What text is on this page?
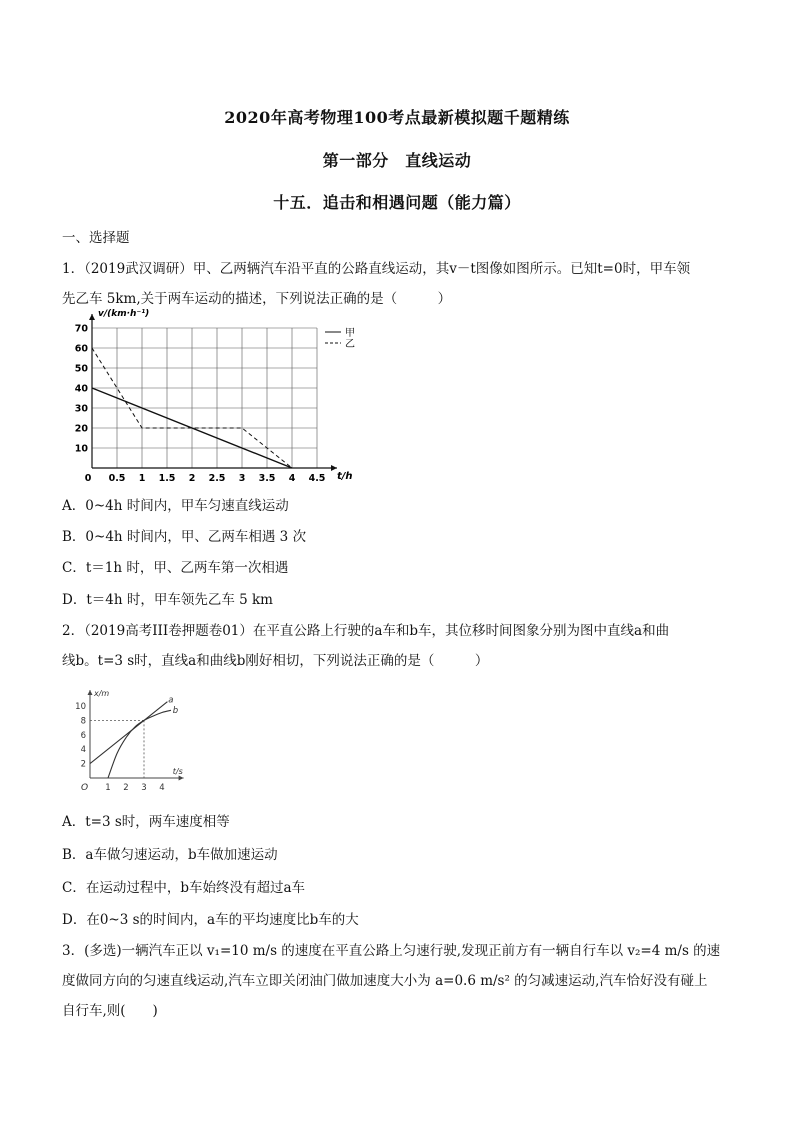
2020年高考物理100考点最新模拟题千题精练
第一部分　直线运动
十五．追击和相遇问题（能力篇）
一、选择题
1．（2019武汉调研）甲、乙两辆汽车沿平直的公路直线运动，其v－t图像如图所示。已知t=0时，甲车领
先乙车 5km,关于两车运动的描述，下列说法正确的是（　　　）
v/(km·h⁻¹)
t/h
0 0.5 1 1.5 2 2.5 3 3.5 4 4.5
10
20
30
40
50
60
70	甲
乙
A．0~4h 时间内，甲车匀速直线运动
B．0~4h 时间内，甲、乙两车相遇 3 次
C．t＝1h 时，甲、乙两车第一次相遇
D．t＝4h 时，甲车领先乙车 5 km
2．（2019高考III卷押题卷01）在平直公路上行驶的a车和b车，其位移时间图象分别为图中直线a和曲
线b。t=3 s时，直线a和曲线b刚好相切，下列说法正确的是（　　　）
x/m
t/s
O 1 2 3 4
2
4
6
8
10
a
b
A．t=3 s时，两车速度相等
B．a车做匀速运动，b车做加速运动
C．在运动过程中，b车始终没有超过a车
D．在0~3 s的时间内，a车的平均速度比b车的大
3．(多选)一辆汽车正以 v₁=10 m/s 的速度在平直公路上匀速行驶,发现正前方有一辆自行车以 v₂=4 m/s 的速
度做同方向的匀速直线运动,汽车立即关闭油门做加速度大小为 a=0.6 m/s² 的匀减速运动,汽车恰好没有碰上
自行车,则(　　)
